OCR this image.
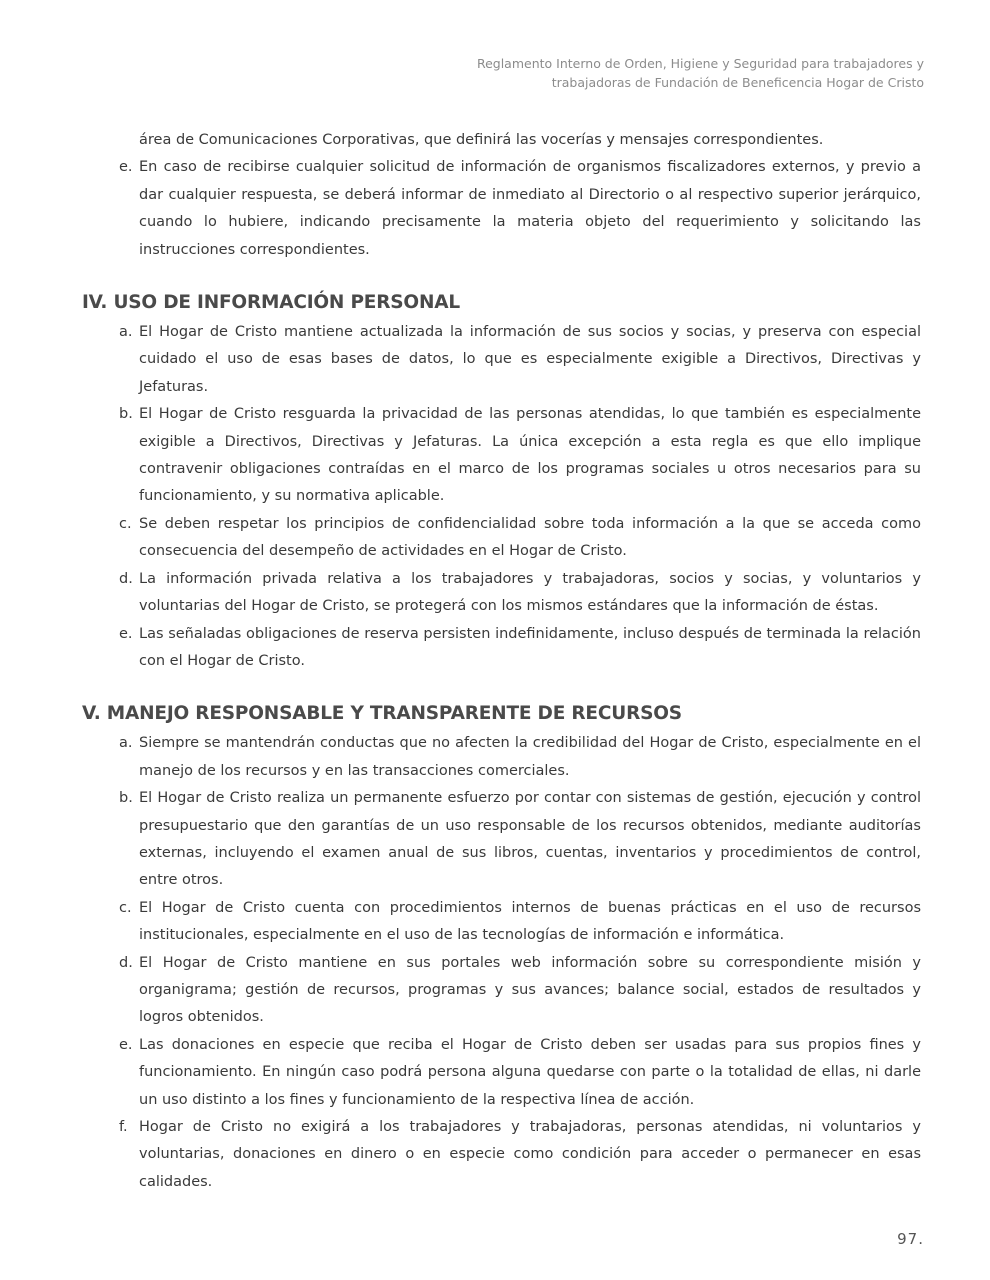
Reglamento Interno de Orden, Higiene y Seguridad para trabajadores y
trabajadoras de Fundación de Beneficencia Hogar de Cristo
área de Comunicaciones Corporativas, que definirá las vocerías y mensajes correspondientes.
e. En caso de recibirse cualquier solicitud de información de organismos fiscalizadores externos, y previo a dar cualquier respuesta, se deberá informar de inmediato al Directorio o al respectivo superior jerárquico, cuando lo hubiere, indicando precisamente la materia objeto del requerimiento y solicitando las instrucciones correspondientes.
IV. USO DE INFORMACIÓN PERSONAL
a. El Hogar de Cristo mantiene actualizada la información de sus socios y socias, y preserva con especial cuidado el uso de esas bases de datos, lo que es especialmente exigible a Directivos, Directivas y Jefaturas.
b. El Hogar de Cristo resguarda la privacidad de las personas atendidas, lo que también es especialmente exigible a Directivos, Directivas y Jefaturas. La única excepción a esta regla es que ello implique contravenir obligaciones contraídas en el marco de los programas sociales u otros necesarios para su funcionamiento, y su normativa aplicable.
c. Se deben respetar los principios de confidencialidad sobre toda información a la que se acceda como consecuencia del desempeño de actividades en el Hogar de Cristo.
d. La información privada relativa a los trabajadores y trabajadoras, socios y socias, y voluntarios y voluntarias del Hogar de Cristo, se protegerá con los mismos estándares que la información de éstas.
e. Las señaladas obligaciones de reserva persisten indefinidamente, incluso después de terminada la relación con el Hogar de Cristo.
V. MANEJO RESPONSABLE Y TRANSPARENTE DE RECURSOS
a. Siempre se mantendrán conductas que no afecten la credibilidad del Hogar de Cristo, especialmente en el manejo de los recursos y en las transacciones comerciales.
b. El Hogar de Cristo realiza un permanente esfuerzo por contar con sistemas de gestión, ejecución y control presupuestario que den garantías de un uso responsable de los recursos obtenidos, mediante auditorías externas, incluyendo el examen anual de sus libros, cuentas, inventarios y procedimientos de control, entre otros.
c. El Hogar de Cristo cuenta con procedimientos internos de buenas prácticas en el uso de recursos institucionales, especialmente en el uso de las tecnologías de información e informática.
d. El Hogar de Cristo mantiene en sus portales web información sobre su correspondiente misión y organigrama; gestión de recursos, programas y sus avances; balance social, estados de resultados y logros obtenidos.
e. Las donaciones en especie que reciba el Hogar de Cristo deben ser usadas para sus propios fines y funcionamiento. En ningún caso podrá persona alguna quedarse con parte o la totalidad de ellas, ni darle un uso distinto a los fines y funcionamiento de la respectiva línea de acción.
f. Hogar de Cristo no exigirá a los trabajadores y trabajadoras, personas atendidas, ni voluntarios y voluntarias, donaciones en dinero o en especie como condición para acceder o permanecer en esas calidades.
97.
